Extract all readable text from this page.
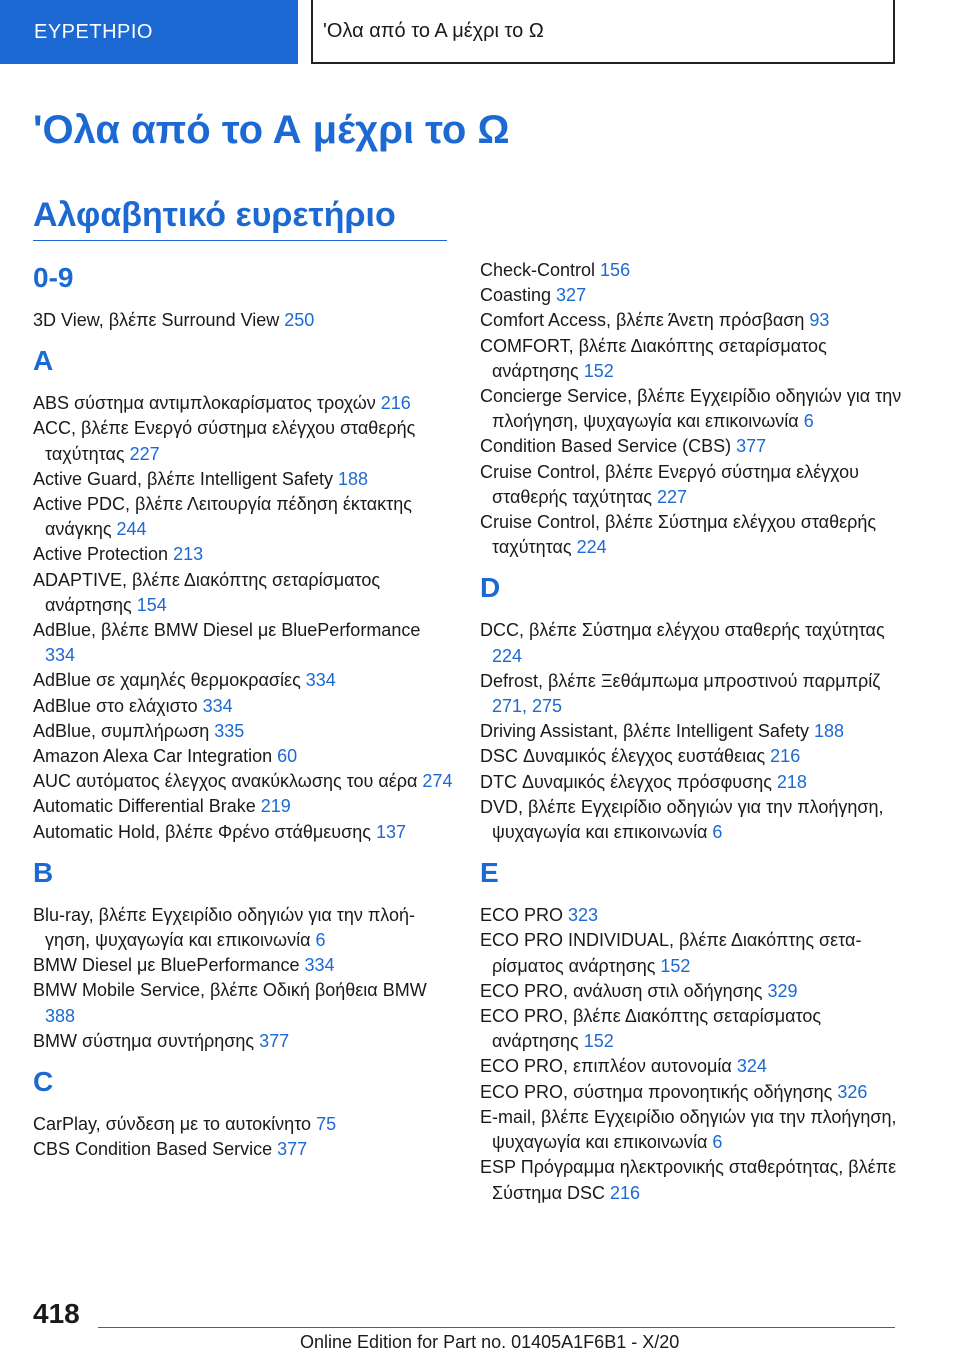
ΕΥΡΕΤΗΡΙΟ	'Ολα από το Α μέχρι το Ω
'Ολα από το Α μέχρι το Ω
Αλφαβητικό ευρετήριο
0-9
3D View, βλέπε Surround View 250
A
ABS σύστημα αντιμπλοκαρίσματος τροχών 216
ACC, βλέπε Ενεργό σύστημα ελέγχου σταθερής ταχύτητας 227
Active Guard, βλέπε Intelligent Safety 188
Active PDC, βλέπε Λειτουργία πέδηση έκτακτης ανάγκης 244
Active Protection 213
ADAPTIVE, βλέπε Διακόπτης σεταρίσματος ανάρτησης 154
AdBlue, βλέπε BMW Diesel με BluePerformance 334
AdBlue σε χαμηλές θερμοκρασίες 334
AdBlue στο ελάχιστο 334
AdBlue, συμπλήρωση 335
Amazon Alexa Car Integration 60
AUC αυτόματος έλεγχος ανακύκλωσης του αέρα 274
Automatic Differential Brake 219
Automatic Hold, βλέπε Φρένο στάθμευσης 137
B
Blu-ray, βλέπε Εγχειρίδιο οδηγιών για την πλοήγηση, ψυχαγωγία και επικοινωνία 6
BMW Diesel με BluePerformance 334
BMW Mobile Service, βλέπε Οδική βοήθεια BMW 388
BMW σύστημα συντήρησης 377
C
CarPlay, σύνδεση με το αυτοκίνητο 75
CBS Condition Based Service 377
Check-Control 156
Coasting 327
Comfort Access, βλέπε Άνετη πρόσβαση 93
COMFORT, βλέπε Διακόπτης σεταρίσματος ανάρτησης 152
Concierge Service, βλέπε Εγχειρίδιο οδηγιών για την πλοήγηση, ψυχαγωγία και επικοινωνία 6
Condition Based Service (CBS) 377
Cruise Control, βλέπε Ενεργό σύστημα ελέγχου σταθερής ταχύτητας 227
Cruise Control, βλέπε Σύστημα ελέγχου σταθερής ταχύτητας 224
D
DCC, βλέπε Σύστημα ελέγχου σταθερής ταχύτητας 224
Defrost, βλέπε Ξεθάμπωμα μπροστινού παρμπρίζ 271, 275
Driving Assistant, βλέπε Intelligent Safety 188
DSC Δυναμικός έλεγχος ευστάθειας 216
DTC Δυναμικός έλεγχος πρόσφυσης 218
DVD, βλέπε Εγχειρίδιο οδηγιών για την πλοήγηση, ψυχαγωγία και επικοινωνία 6
E
ECO PRO 323
ECO PRO INDIVIDUAL, βλέπε Διακόπτης σεταρίσματος ανάρτησης 152
ECO PRO, ανάλυση στιλ οδήγησης 329
ECO PRO, βλέπε Διακόπτης σεταρίσματος ανάρτησης 152
ECO PRO, επιπλέον αυτονομία 324
ECO PRO, σύστημα προνοητικής οδήγησης 326
E-mail, βλέπε Εγχειρίδιο οδηγιών για την πλοήγηση, ψυχαγωγία και επικοινωνία 6
ESP Πρόγραμμα ηλεκτρονικής σταθερότητας, βλέπε Σύστημα DSC 216
418
Online Edition for Part no. 01405A1F6B1 - X/20
